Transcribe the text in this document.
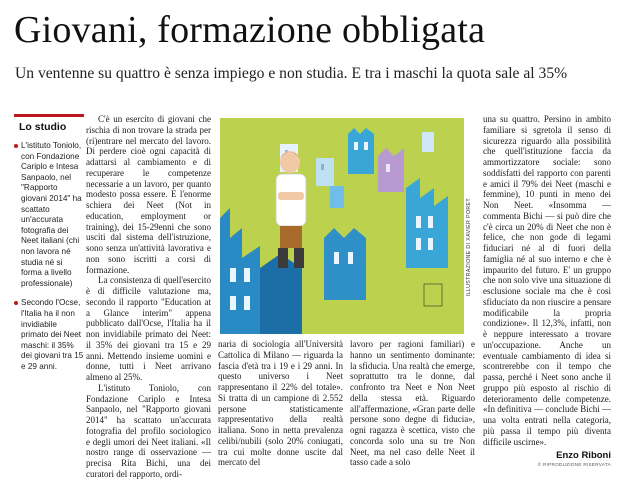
Giovani, formazione obbligata
Un ventenne su quattro è senza impiego e non studia. E tra i maschi la quota sale al 35%
Lo studio
L'istituto Toniolo, con Fondazione Cariplo e Intesa Sanpaolo, nel "Rapporto giovani 2014" ha scattato un'accurata fotografia dei Neet italiani (chi non lavora né studia né si forma a livello professionale)
Secondo l'Ocse, l'Italia ha il non invidiabile primato dei Neet maschi: il 35% dei giovani tra 15 e 29 anni.

C'è un esercito di giovani che rischia di non trovare la strada per (ri)entrare nel mercato del lavoro. Di perdere cioè ogni capacità di adattarsi al cambiamento e di recuperare le competenze necessarie a un lavoro, per quanto modesto possa essere. E l'enorme schiera dei Neet (Not in education, employment or training), dei 15-29enni che sono usciti dal sistema dell'istruzione, sono senza un'attività lavorativa e non sono iscritti a corsi di formazione.

La consistenza di quell'esercito è di difficile valutazione ma, secondo il rapporto "Education at a Glance interim" appena pubblicato dall'Ocse, l'Italia ha il non invidiabile primato dei Neet: il 35% dei giovani tra 15 e 29 anni. Mettendo insieme uomini e donne, tutti i Neet arrivano almeno al 25%.

L'istituto Toniolo, con Fondazione Cariplo e Intesa Sanpaolo, nel "Rapporto giovani 2014" ha scattato un'accurata fotografia del profilo sociologico e degli umori dei Neet italiani. «Il nostro range di osservazione — precisa Rita Bichi, una dei curatori del rapporto, ordi-

ILLUSTRAZIONE DI XAVIER PORET

naria di sociologia all'Università Cattolica di Milano — riguarda la fascia d'età tra i 19 e i 29 anni. In questo universo i Neet rappresentano il 22% del totale». Si tratta di un campione di 2.552 persone statisticamente rappresentativo della realtà italiana. Sono in netta prevalenza celibi/nubili (solo 20% coniugati, tra cui molte donne uscite dal mercato del

lavoro per ragioni familiari) e hanno un sentimento dominante: la sfiducia. Una realtà che emerge, soprattutto tra le donne, dal confronto tra Neet e Non Neet della stessa età. Riguardo all'affermazione, «Gran parte delle persone sono degne di fiducia», ogni ragazza è scettica, visto che concorda solo una su tre Non Neet, ma nel caso delle Neet il tasso cade a solo

una su quattro. Persino in ambito familiare si sgretola il senso di sicurezza riguardo alla possibilità che quell'istituzione faccia da ammortizzatore sociale: sono soddisfatti del rapporto con parenti e amici il 79% dei Neet (maschi e femmine), 10 punti in meno dei Non Neet. «Insomma — commenta Bichi — si può dire che c'è circa un 20% di Neet che non è felice, che non gode di legami fiduciari né al di fuori della famiglia né al suo interno e che è impaurito del futuro. E' un gruppo che non solo vive una situazione di esclusione sociale ma che è così sfiduciato da non riuscire a pensare modificabile la propria condizione». Il 12,3%, infatti, non è neppure interessato a trovare un'occupazione. Anche un eventuale cambiamento di idea si scontrerebbe con il tempo che passa, perché i Neet sono anche il gruppo più esposto al rischio di deterioramento delle competenze. «In definitiva — conclude Bichi — una volta entrati nella categoria, più passa il tempo più diventa difficile uscirne».

Enzo Riboni
© RIPRODUZIONE RISERVATA
